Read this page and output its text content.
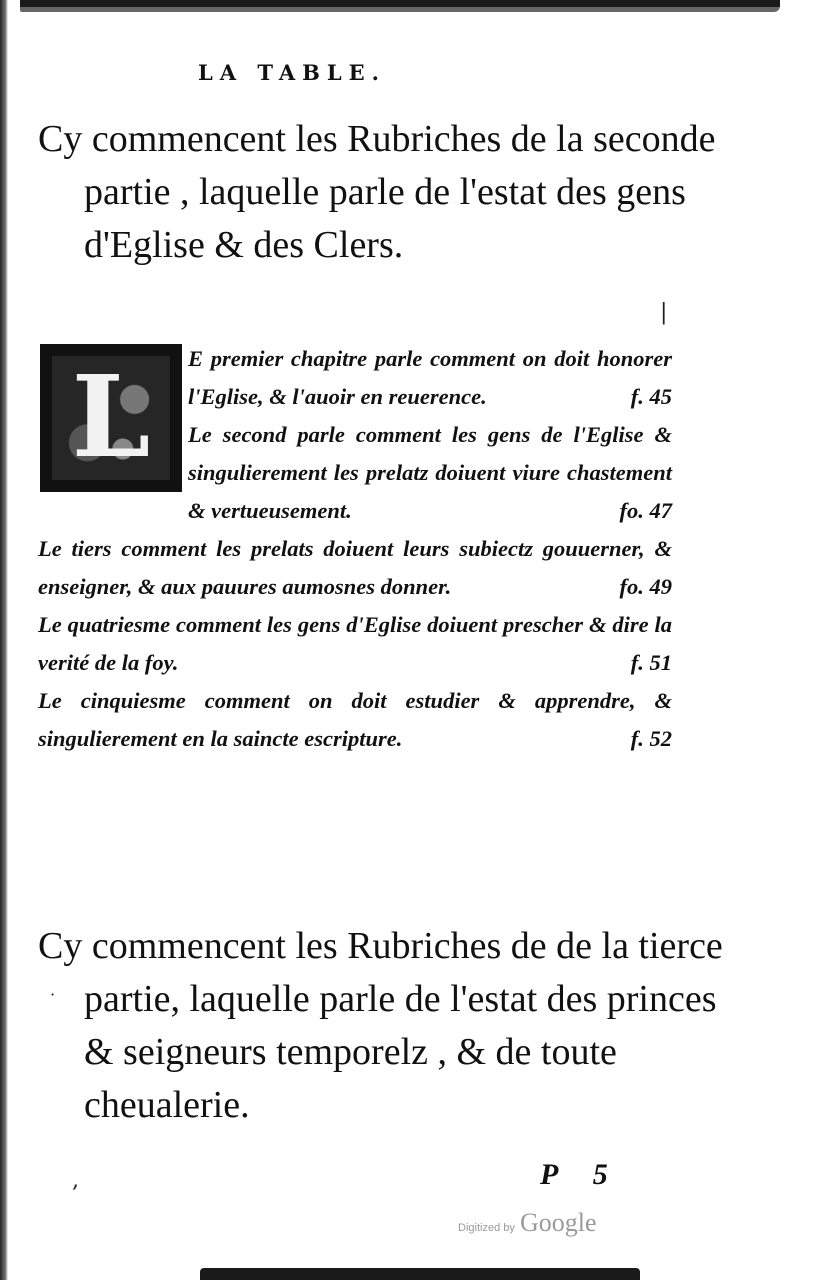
LA TABLE.
Cy commencent les Rubriches de la seconde partie , laquelle parle de l'estat des gens d'Eglise & des Clers.
|
L	E premier chapitre parle comment on doit honorer l'Eglise, & l'auoir en reuerence.	f. 45
Le second parle comment les gens de l'Eglise & singulierement les prelatz doiuent viure chastement & vertueusement.	fo. 47
Le tiers comment les prelats doiuent leurs subiectz gouuerner, & enseigner, & aux pauures aumosnes donner.	fo. 49
Le quatriesme comment les gens d'Eglise doiuent prescher & dire la verité de la foy.	f. 51
Le cinquiesme comment on doit estudier & apprendre, & singulierement en la saincte escripture.	f. 52
Cy commencent les Rubriches de de la tierce partie, laquelle parle de l'estat des princes & seigneurs temporelz , & de toute cheualerie.
,
·
P 5
Digitized by Google
